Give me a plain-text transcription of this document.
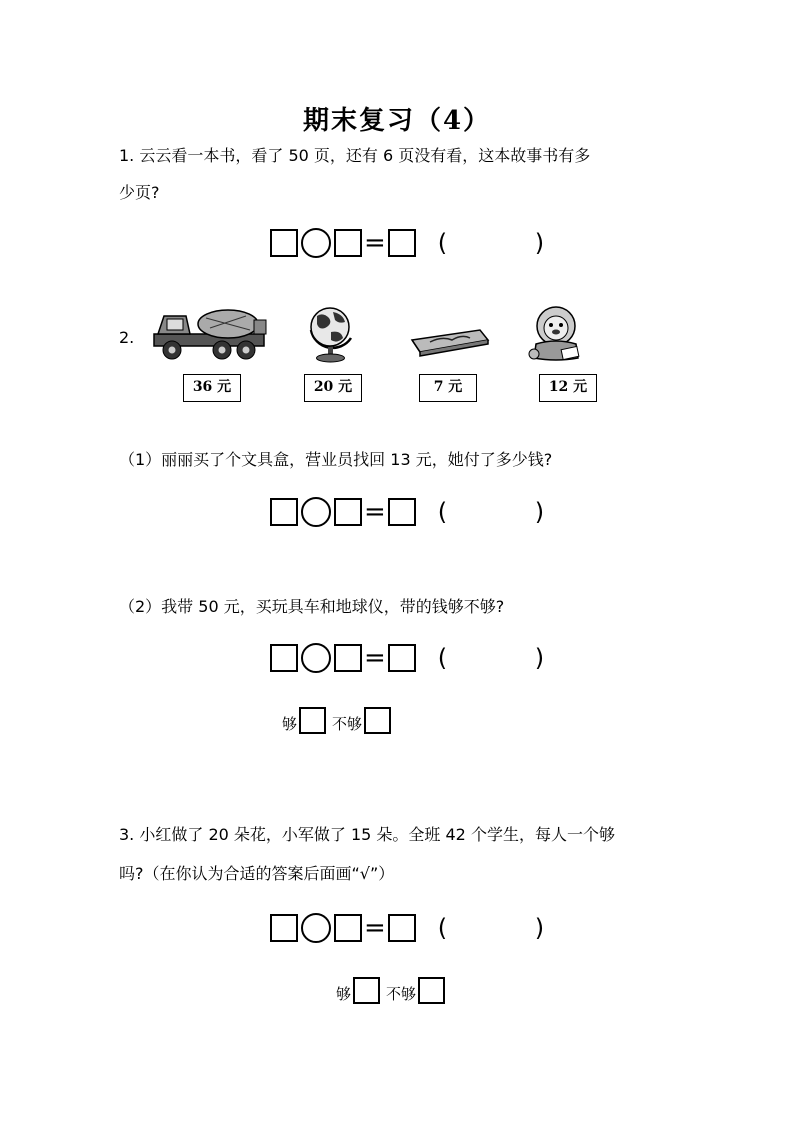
期末复习（4）
1. 云云看一本书，看了 50 页，还有 6 页没有看，这本故事书有多
少页?
= ( )
2.
36 元	20 元	7 元	12 元
（1）丽丽买了个文具盒，营业员找回 13 元，她付了多少钱?
= ( )
（2）我带 50 元，买玩具车和地球仪，带的钱够不够?
= ( )
够 不够
3. 小红做了 20 朵花，小军做了 15 朵。全班 42 个学生，每人一个够
吗?（在你认为合适的答案后面画“√”）
= ( )
够 不够
